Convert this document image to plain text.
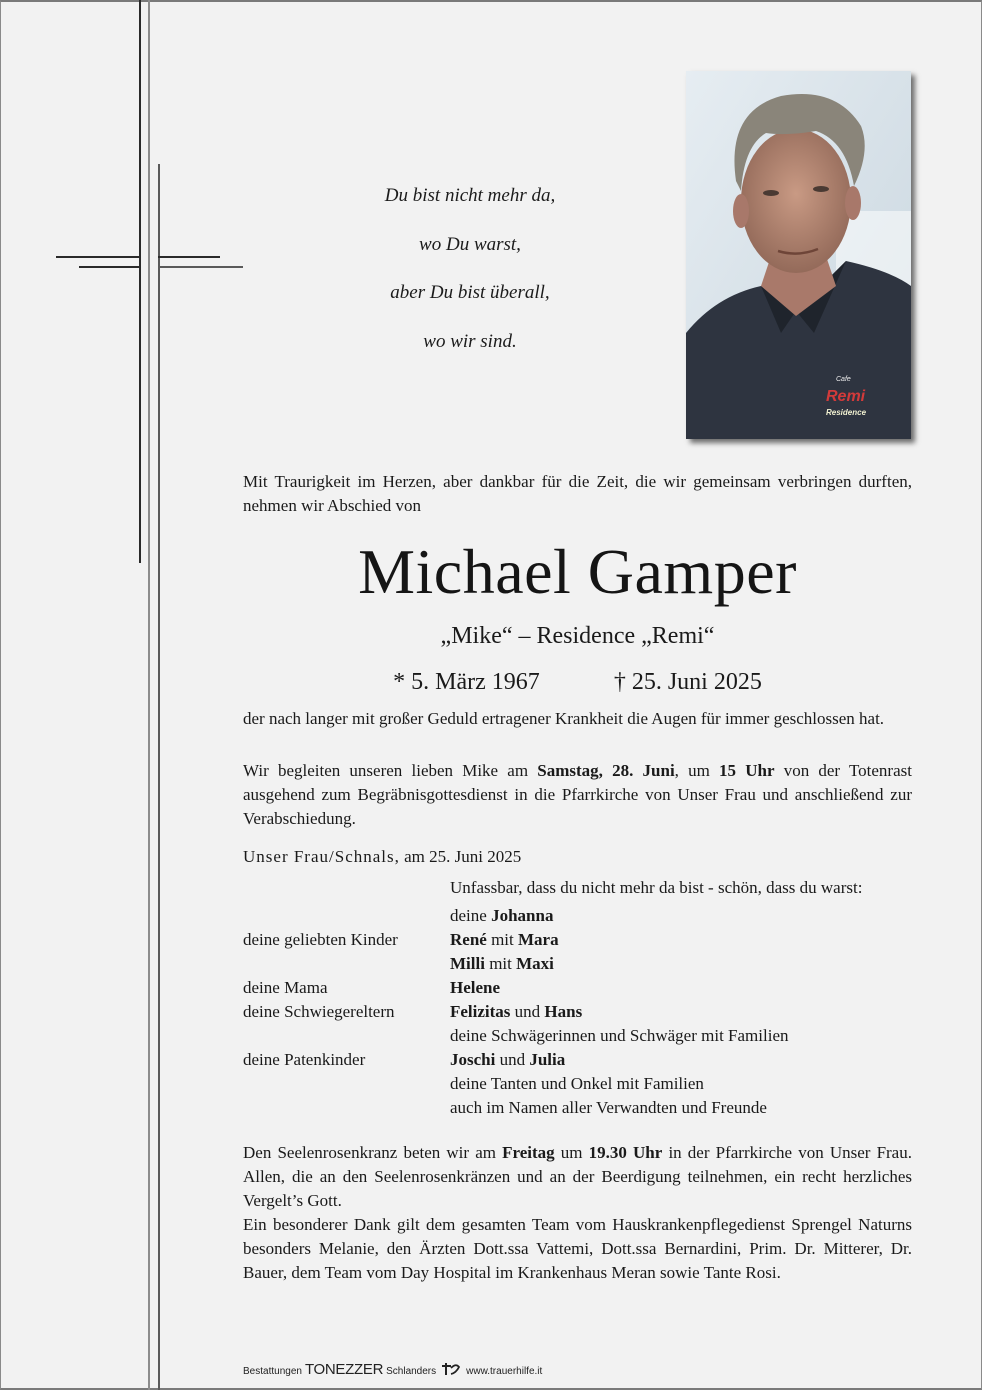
Du bist nicht mehr da,
wo Du warst,
aber Du bist überall,
wo wir sind.
Cafe
Remi
Residence
Mit Traurigkeit im Herzen, aber dankbar für die Zeit, die wir gemeinsam verbringen durften, nehmen wir Abschied von
Michael Gamper
„Mike“ – Residence „Remi“
* 5. März 1967	† 25. Juni 2025
der nach langer mit großer Geduld ertragener Krankheit die Augen für immer geschlossen hat.
Wir begleiten unseren lieben Mike am Samstag, 28. Juni, um 15 Uhr von der Totenrast ausgehend zum Begräbnisgottesdienst in die Pfarrkirche von Unser Frau und anschließend zur Verabschiedung.
Unser Frau/Schnals, am 25. Juni 2025
Unfassbar, dass du nicht mehr da bist - schön, dass du warst:
deine Johanna
deine geliebten Kinder	René mit Mara
Milli mit Maxi
deine Mama	Helene
deine Schwiegereltern	Felizitas und Hans
deine Schwägerinnen und Schwäger mit Familien
deine Patenkinder	Joschi und Julia
deine Tanten und Onkel mit Familien
auch im Namen aller Verwandten und Freunde
Den Seelenrosenkranz beten wir am Freitag um 19.30 Uhr in der Pfarrkirche von Unser Frau. Allen, die an den Seelenrosenkränzen und an der Beerdigung teilnehmen, ein recht herzliches Vergelt’s Gott.
Ein besonderer Dank gilt dem gesamten Team vom Hauskrankenpflegedienst Sprengel Naturns besonders Melanie, den Ärzten Dott.ssa Vattemi, Dott.ssa Bernardini, Prim. Dr. Mitterer, Dr. Bauer, dem Team vom Day Hospital im Krankenhaus Meran sowie Tante Rosi.
Bestattungen TONEZZER Schlanders	www.trauerhilfe.it
